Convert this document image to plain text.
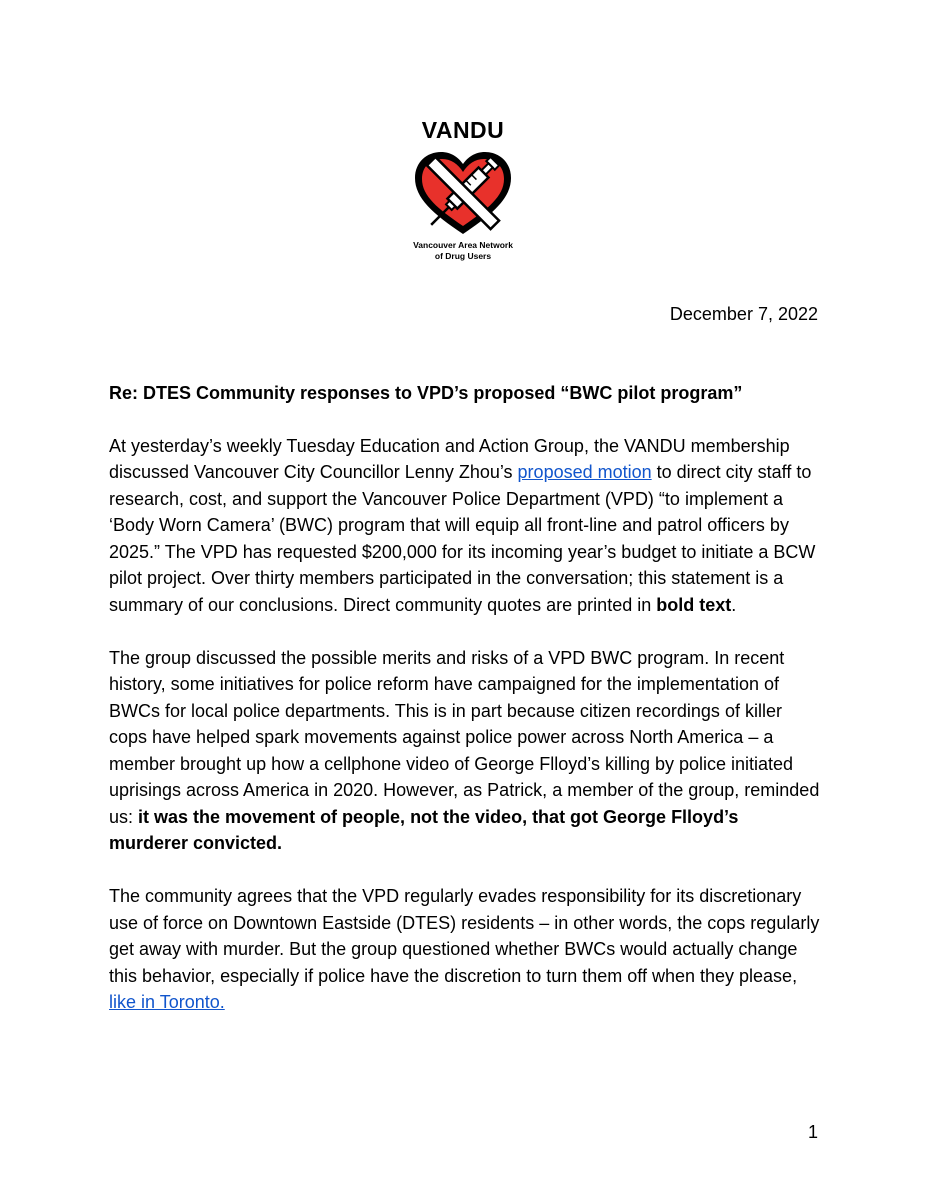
VANDU
Vancouver Area Network
of Drug Users
December 7, 2022

Re: DTES Community responses to VPD’s proposed “BWC pilot program”

At yesterday’s weekly Tuesday Education and Action Group, the VANDU membership discussed Vancouver City Councillor Lenny Zhou’s proposed motion to direct city staff to research, cost, and support the Vancouver Police Department (VPD) “to implement a ‘Body Worn Camera’ (BWC) program that will equip all front-line and patrol officers by 2025.” The VPD has requested $200,000 for its incoming year’s budget to initiate a BCW pilot project. Over thirty members participated in the conversation; this statement is a summary of our conclusions. Direct community quotes are printed in bold text.

The group discussed the possible merits and risks of a VPD BWC program. In recent history, some initiatives for police reform have campaigned for the implementation of BWCs for local police departments. This is in part because citizen recordings of killer cops have helped spark movements against police power across North America – a member brought up how a cellphone video of George Flloyd’s killing by police initiated uprisings across America in 2020. However, as Patrick, a member of the group, reminded us: it was the movement of people, not the video, that got George Flloyd’s murderer convicted.

The community agrees that the VPD regularly evades responsibility for its discretionary use of force on Downtown Eastside (DTES) residents – in other words, the cops regularly get away with murder. But the group questioned whether BWCs would actually change this behavior, especially if police have the discretion to turn them off when they please, like in Toronto.

1
